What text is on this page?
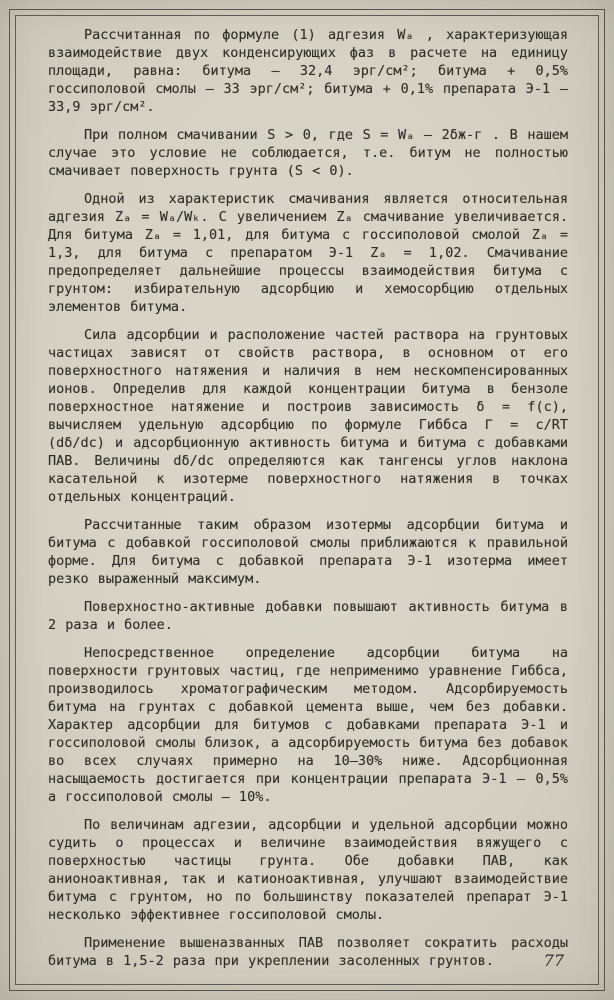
Рассчитанная по формуле (1) адгезия Wₐ , характеризующая взаимодействие двух конденсирующих фаз в расчете на единицу площади, равна: битума – 32,4 эрг/см²; битума + 0,5% госсиполовой смолы – 33 эрг/см²; битума + 0,1% препарата Э-1 – 33,9 эрг/см².

При полном смачивании S > 0, где S = Wₐ – 2δж-г . В нашем случае это условие не соблюдается, т.е. битум не полностью смачивает поверхность грунта (S < 0).

Одной из характеристик смачивания является относительная адгезия Zₐ = Wₐ/Wₖ. С увеличением Zₐ смачивание увеличивается. Для битума Zₐ = 1,01, для битума с госсиполовой смолой Zₐ = 1,3, для битума с препаратом Э-1 Zₐ = 1,02. Смачивание предопределяет дальнейшие процессы взаимодействия битума с грунтом: избирательную адсорбцию и хемосорбцию отдельных элементов битума.

Сила адсорбции и расположение частей раствора на грунтовых частицах зависят от свойств раствора, в основном от его поверхностного натяжения и наличия в нем нескомпенсированных ионов. Определив для каждой концентрации битума в бензоле поверхностное натяжение и построив зависимость δ = f(c), вычисляем удельную адсорбцию по формуле Гиббса Γ = c/RT (dδ/dc) и адсорбционную активность битума и битума с добавками ПАВ. Величины dδ/dc определяются как тангенсы углов наклона касательной к изотерме поверхностного натяжения в точках отдельных концентраций.

Рассчитанные таким образом изотермы адсорбции битума и битума с добавкой госсиполовой смолы приближаются к правильной форме. Для битума с добавкой препарата Э-1 изотерма имеет резко выраженный максимум.

Поверхностно-активные добавки повышают активность битума в 2 раза и более.

Непосредственное определение адсорбции битума на поверхности грунтовых частиц, где неприменимо уравнение Гиббса, производилось хроматографическим методом. Адсорбируемость битума на грунтах с добавкой цемента выше, чем без добавки. Характер адсорбции для битумов с добавками препарата Э-1 и госсиполовой смолы близок, а адсорбируемость битума без добавок во всех случаях примерно на 10–30% ниже. Адсорбционная насыщаемость достигается при концентрации препарата Э-1 – 0,5% а госсиполовой смолы – 10%.

По величинам адгезии, адсорбции и удельной адсорбции можно судить о процессах и величине взаимодействия вяжущего с поверхностью частицы грунта. Обе добавки ПАВ, как анионоактивная, так и катионоактивная, улучшают взаимодействие битума с грунтом, но по большинству показателей препарат Э-1 несколько эффективнее госсиполовой смолы.

Применение вышеназванных ПАВ позволяет сократить расходы битума в 1,5-2 раза при укреплении засоленных грунтов.	77
